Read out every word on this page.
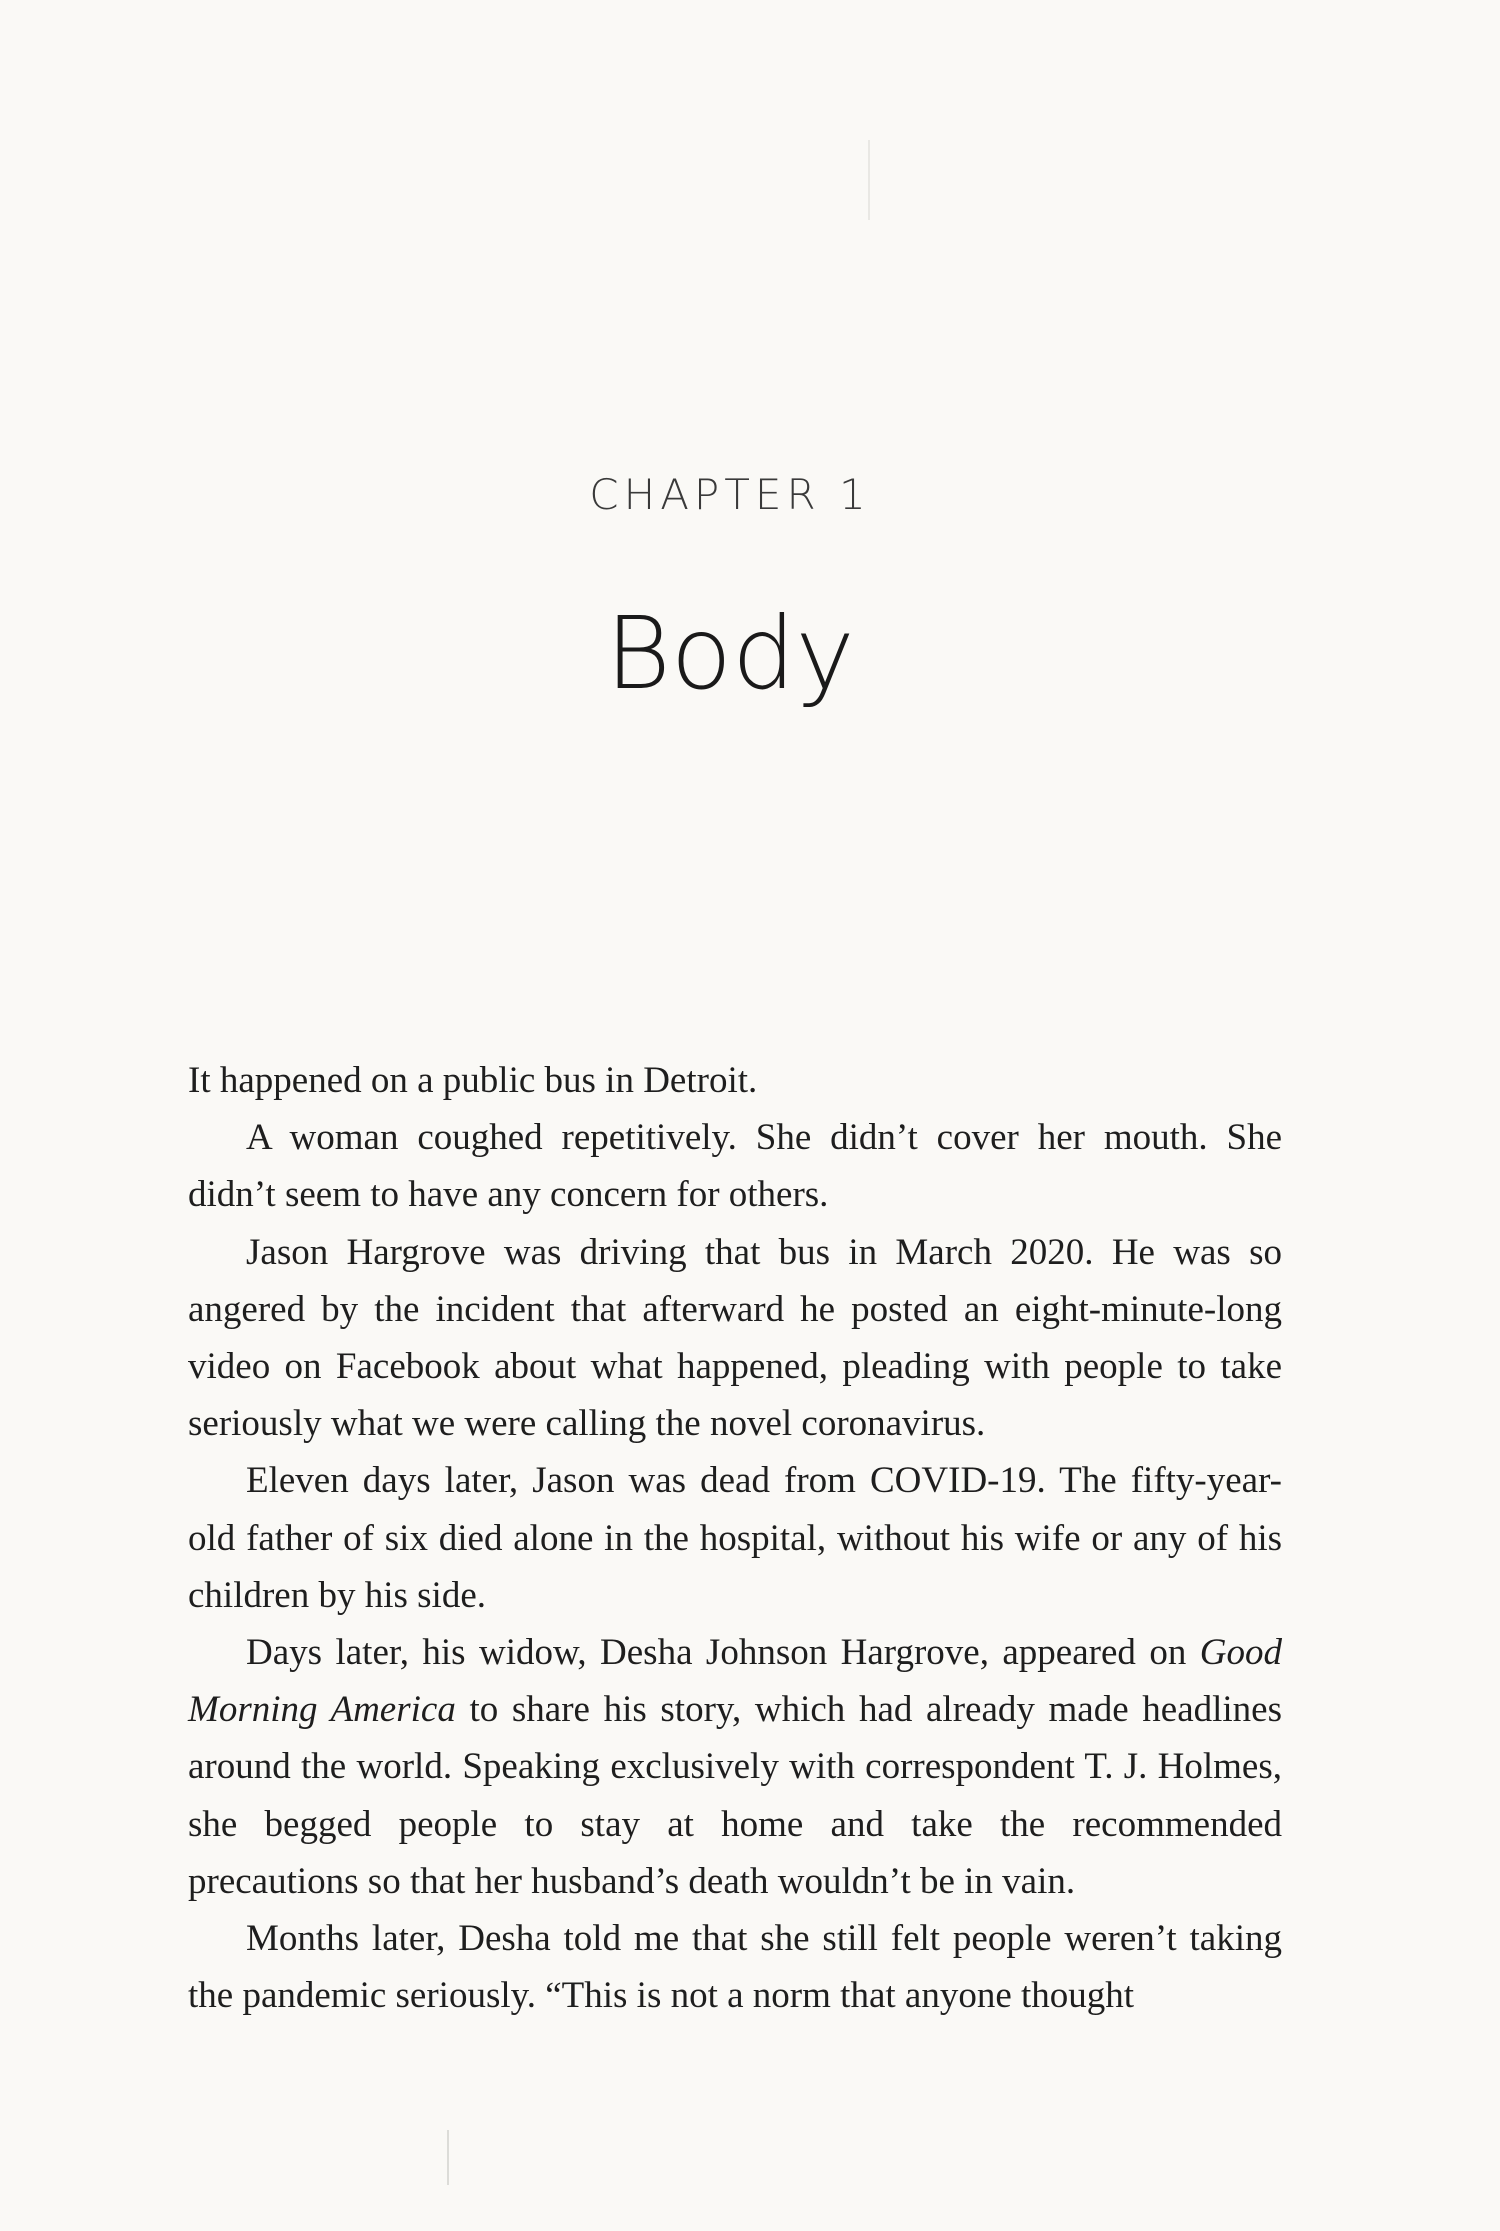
CHAPTER 1
Body

It happened on a public bus in Detroit.

A woman coughed repetitively. She didn’t cover her mouth. She didn’t seem to have any concern for others.

Jason Hargrove was driving that bus in March 2020. He was so angered by the incident that afterward he posted an eight-minute-long video on Facebook about what happened, pleading with people to take seriously what we were calling the novel coronavirus.

Eleven days later, Jason was dead from COVID-19. The fifty-year-old father of six died alone in the hospital, without his wife or any of his children by his side.

Days later, his widow, Desha Johnson Hargrove, appeared on Good Morning America to share his story, which had already made headlines around the world. Speaking exclusively with correspondent T. J. Holmes, she begged people to stay at home and take the recommended precautions so that her husband’s death wouldn’t be in vain.

Months later, Desha told me that she still felt people weren’t taking the pandemic seriously. “This is not a norm that anyone thought
